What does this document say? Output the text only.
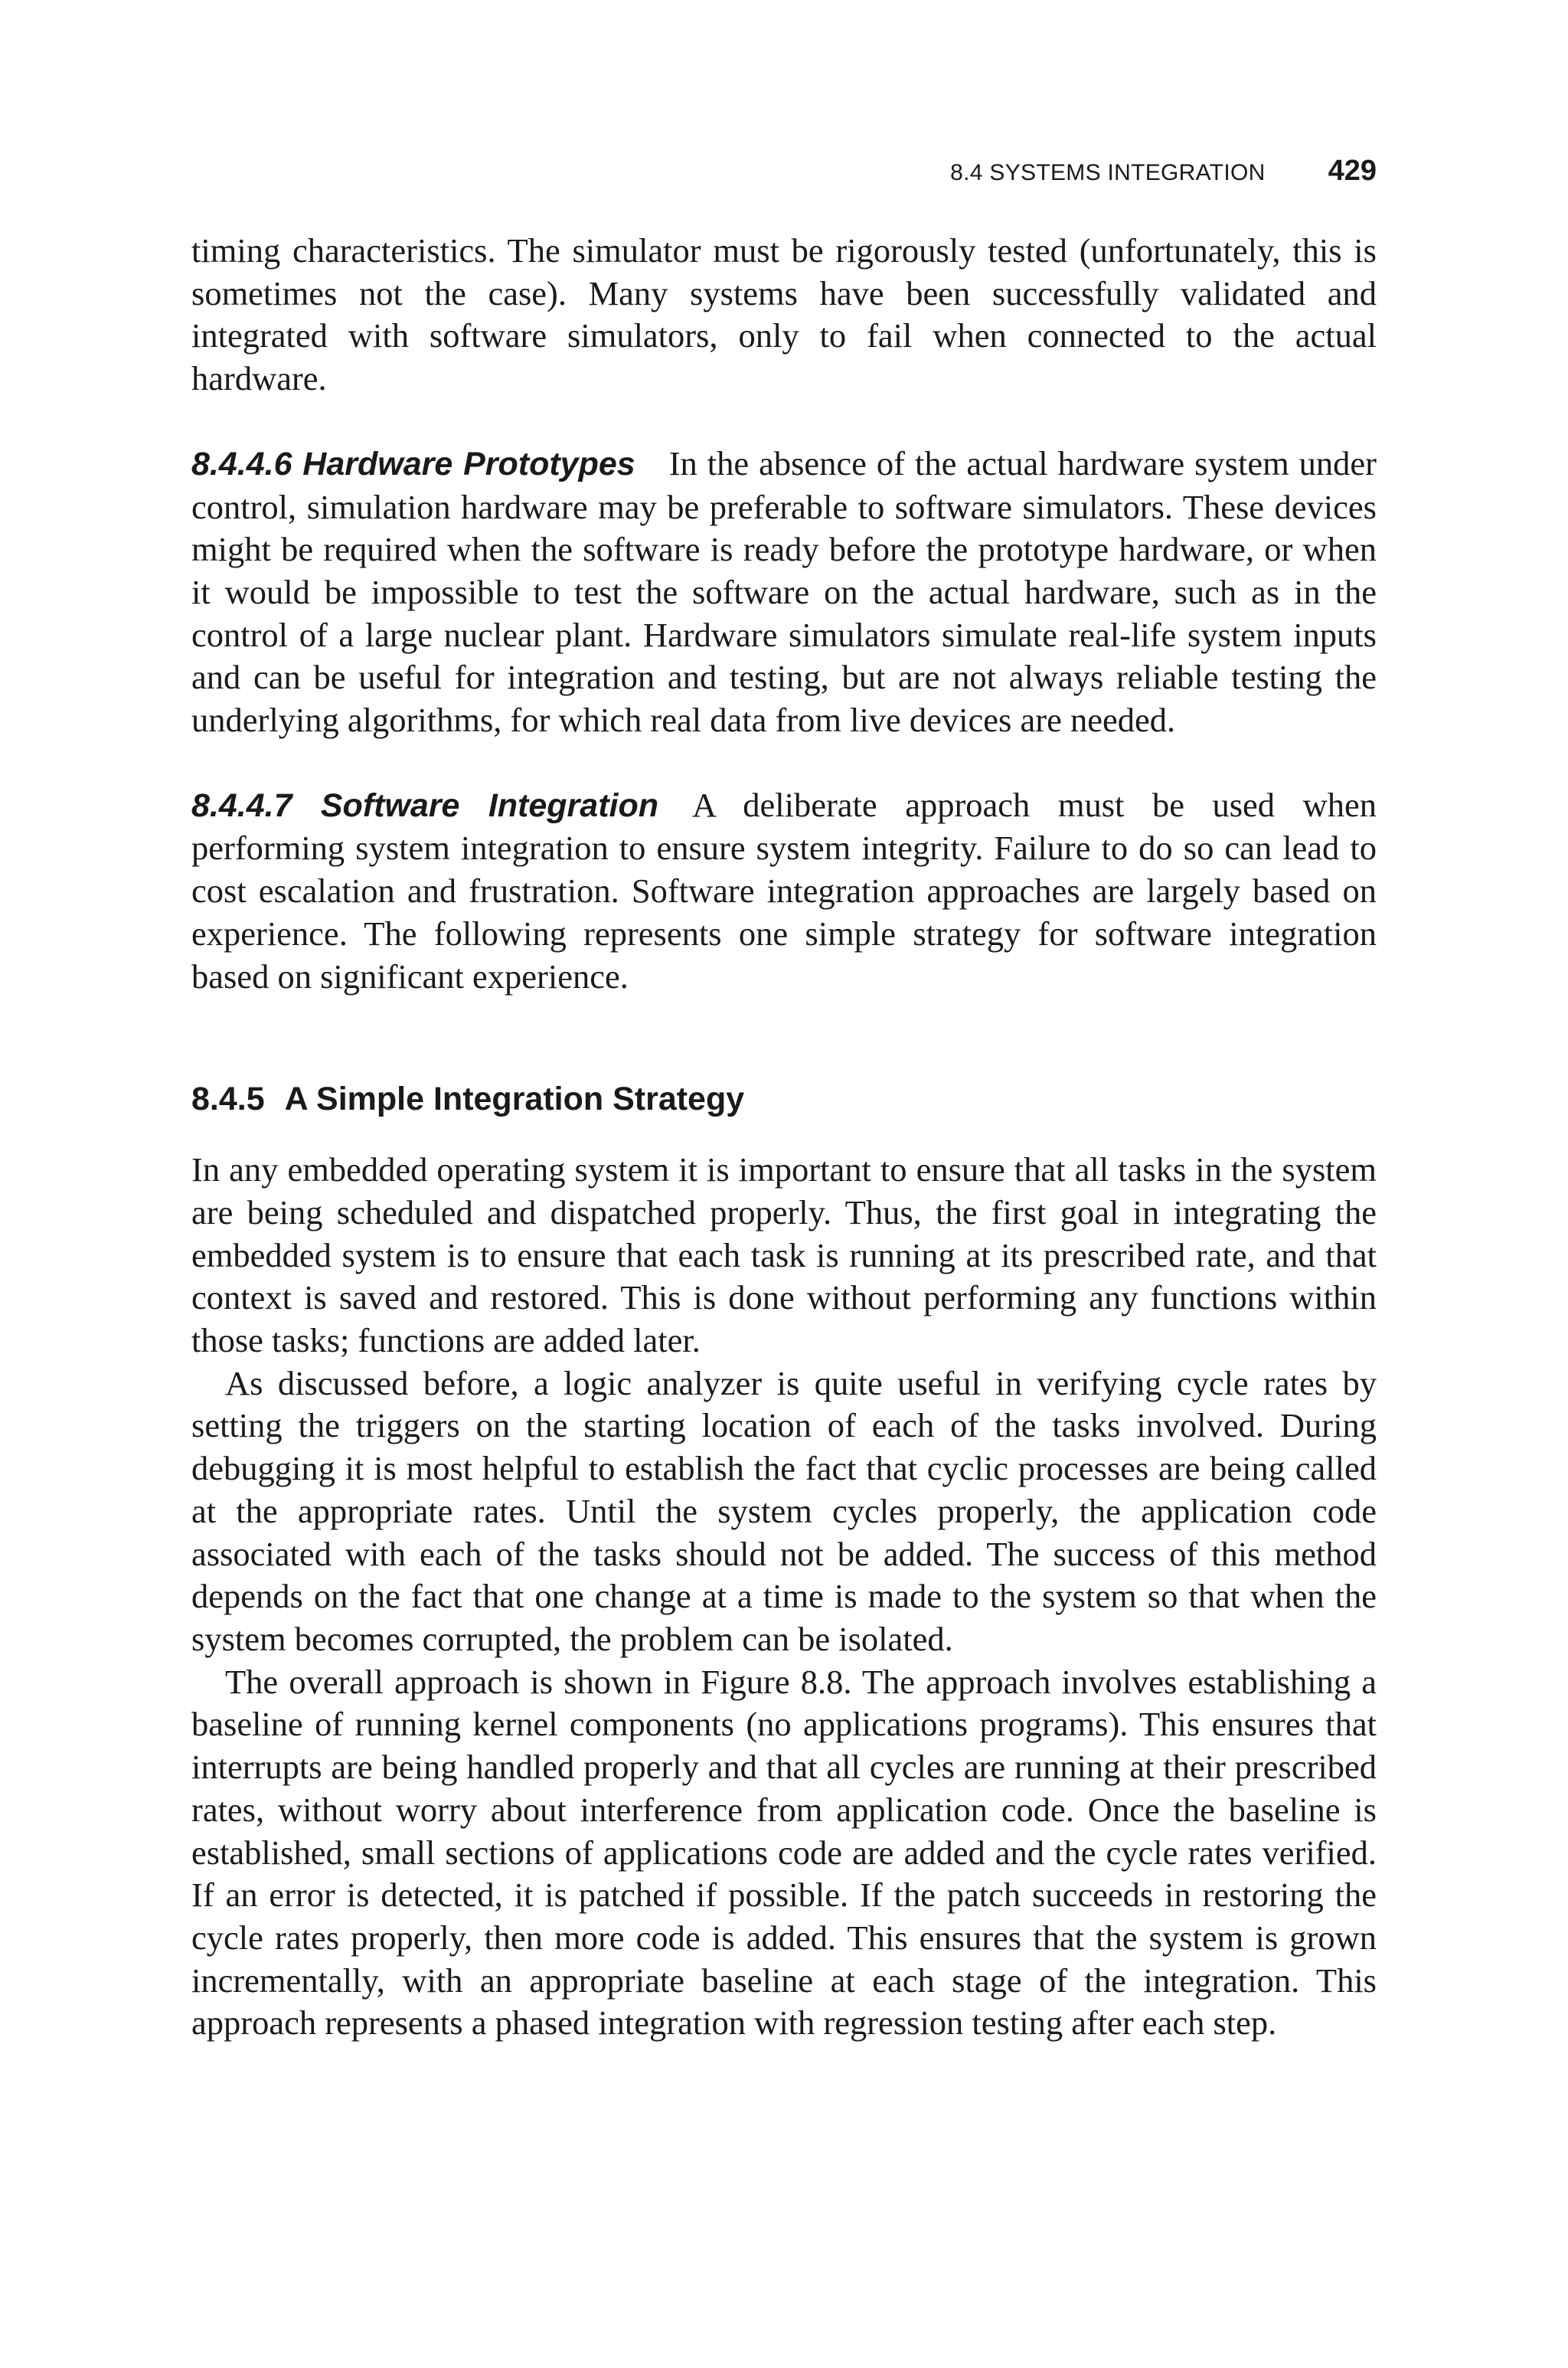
8.4 SYSTEMS INTEGRATION 429

timing characteristics. The simulator must be rigorously tested (unfortunately, this is sometimes not the case). Many systems have been successfully validated and integrated with software simulators, only to fail when connected to the actual hardware.

8.4.4.6 Hardware Prototypes In the absence of the actual hardware system under control, simulation hardware may be preferable to software simulators. These devices might be required when the software is ready before the prototype hardware, or when it would be impossible to test the software on the actual hardware, such as in the control of a large nuclear plant. Hardware simulators simulate real-life system inputs and can be useful for integration and testing, but are not always reliable testing the underlying algorithms, for which real data from live devices are needed.

8.4.4.7 Software Integration A deliberate approach must be used when performing system integration to ensure system integrity. Failure to do so can lead to cost escalation and frustration. Software integration approaches are largely based on experience. The following represents one simple strategy for software integration based on significant experience.

8.4.5 A Simple Integration Strategy

In any embedded operating system it is important to ensure that all tasks in the system are being scheduled and dispatched properly. Thus, the first goal in integrating the embedded system is to ensure that each task is running at its prescribed rate, and that context is saved and restored. This is done without performing any functions within those tasks; functions are added later.

As discussed before, a logic analyzer is quite useful in verifying cycle rates by setting the triggers on the starting location of each of the tasks involved. During debugging it is most helpful to establish the fact that cyclic processes are being called at the appropriate rates. Until the system cycles properly, the application code associated with each of the tasks should not be added. The success of this method depends on the fact that one change at a time is made to the system so that when the system becomes corrupted, the problem can be isolated.

The overall approach is shown in Figure 8.8. The approach involves establishing a baseline of running kernel components (no applications programs). This ensures that interrupts are being handled properly and that all cycles are running at their prescribed rates, without worry about interference from application code. Once the baseline is established, small sections of applications code are added and the cycle rates verified. If an error is detected, it is patched if possible. If the patch succeeds in restoring the cycle rates properly, then more code is added. This ensures that the system is grown incrementally, with an appropriate baseline at each stage of the integration. This approach represents a phased integration with regression testing after each step.
